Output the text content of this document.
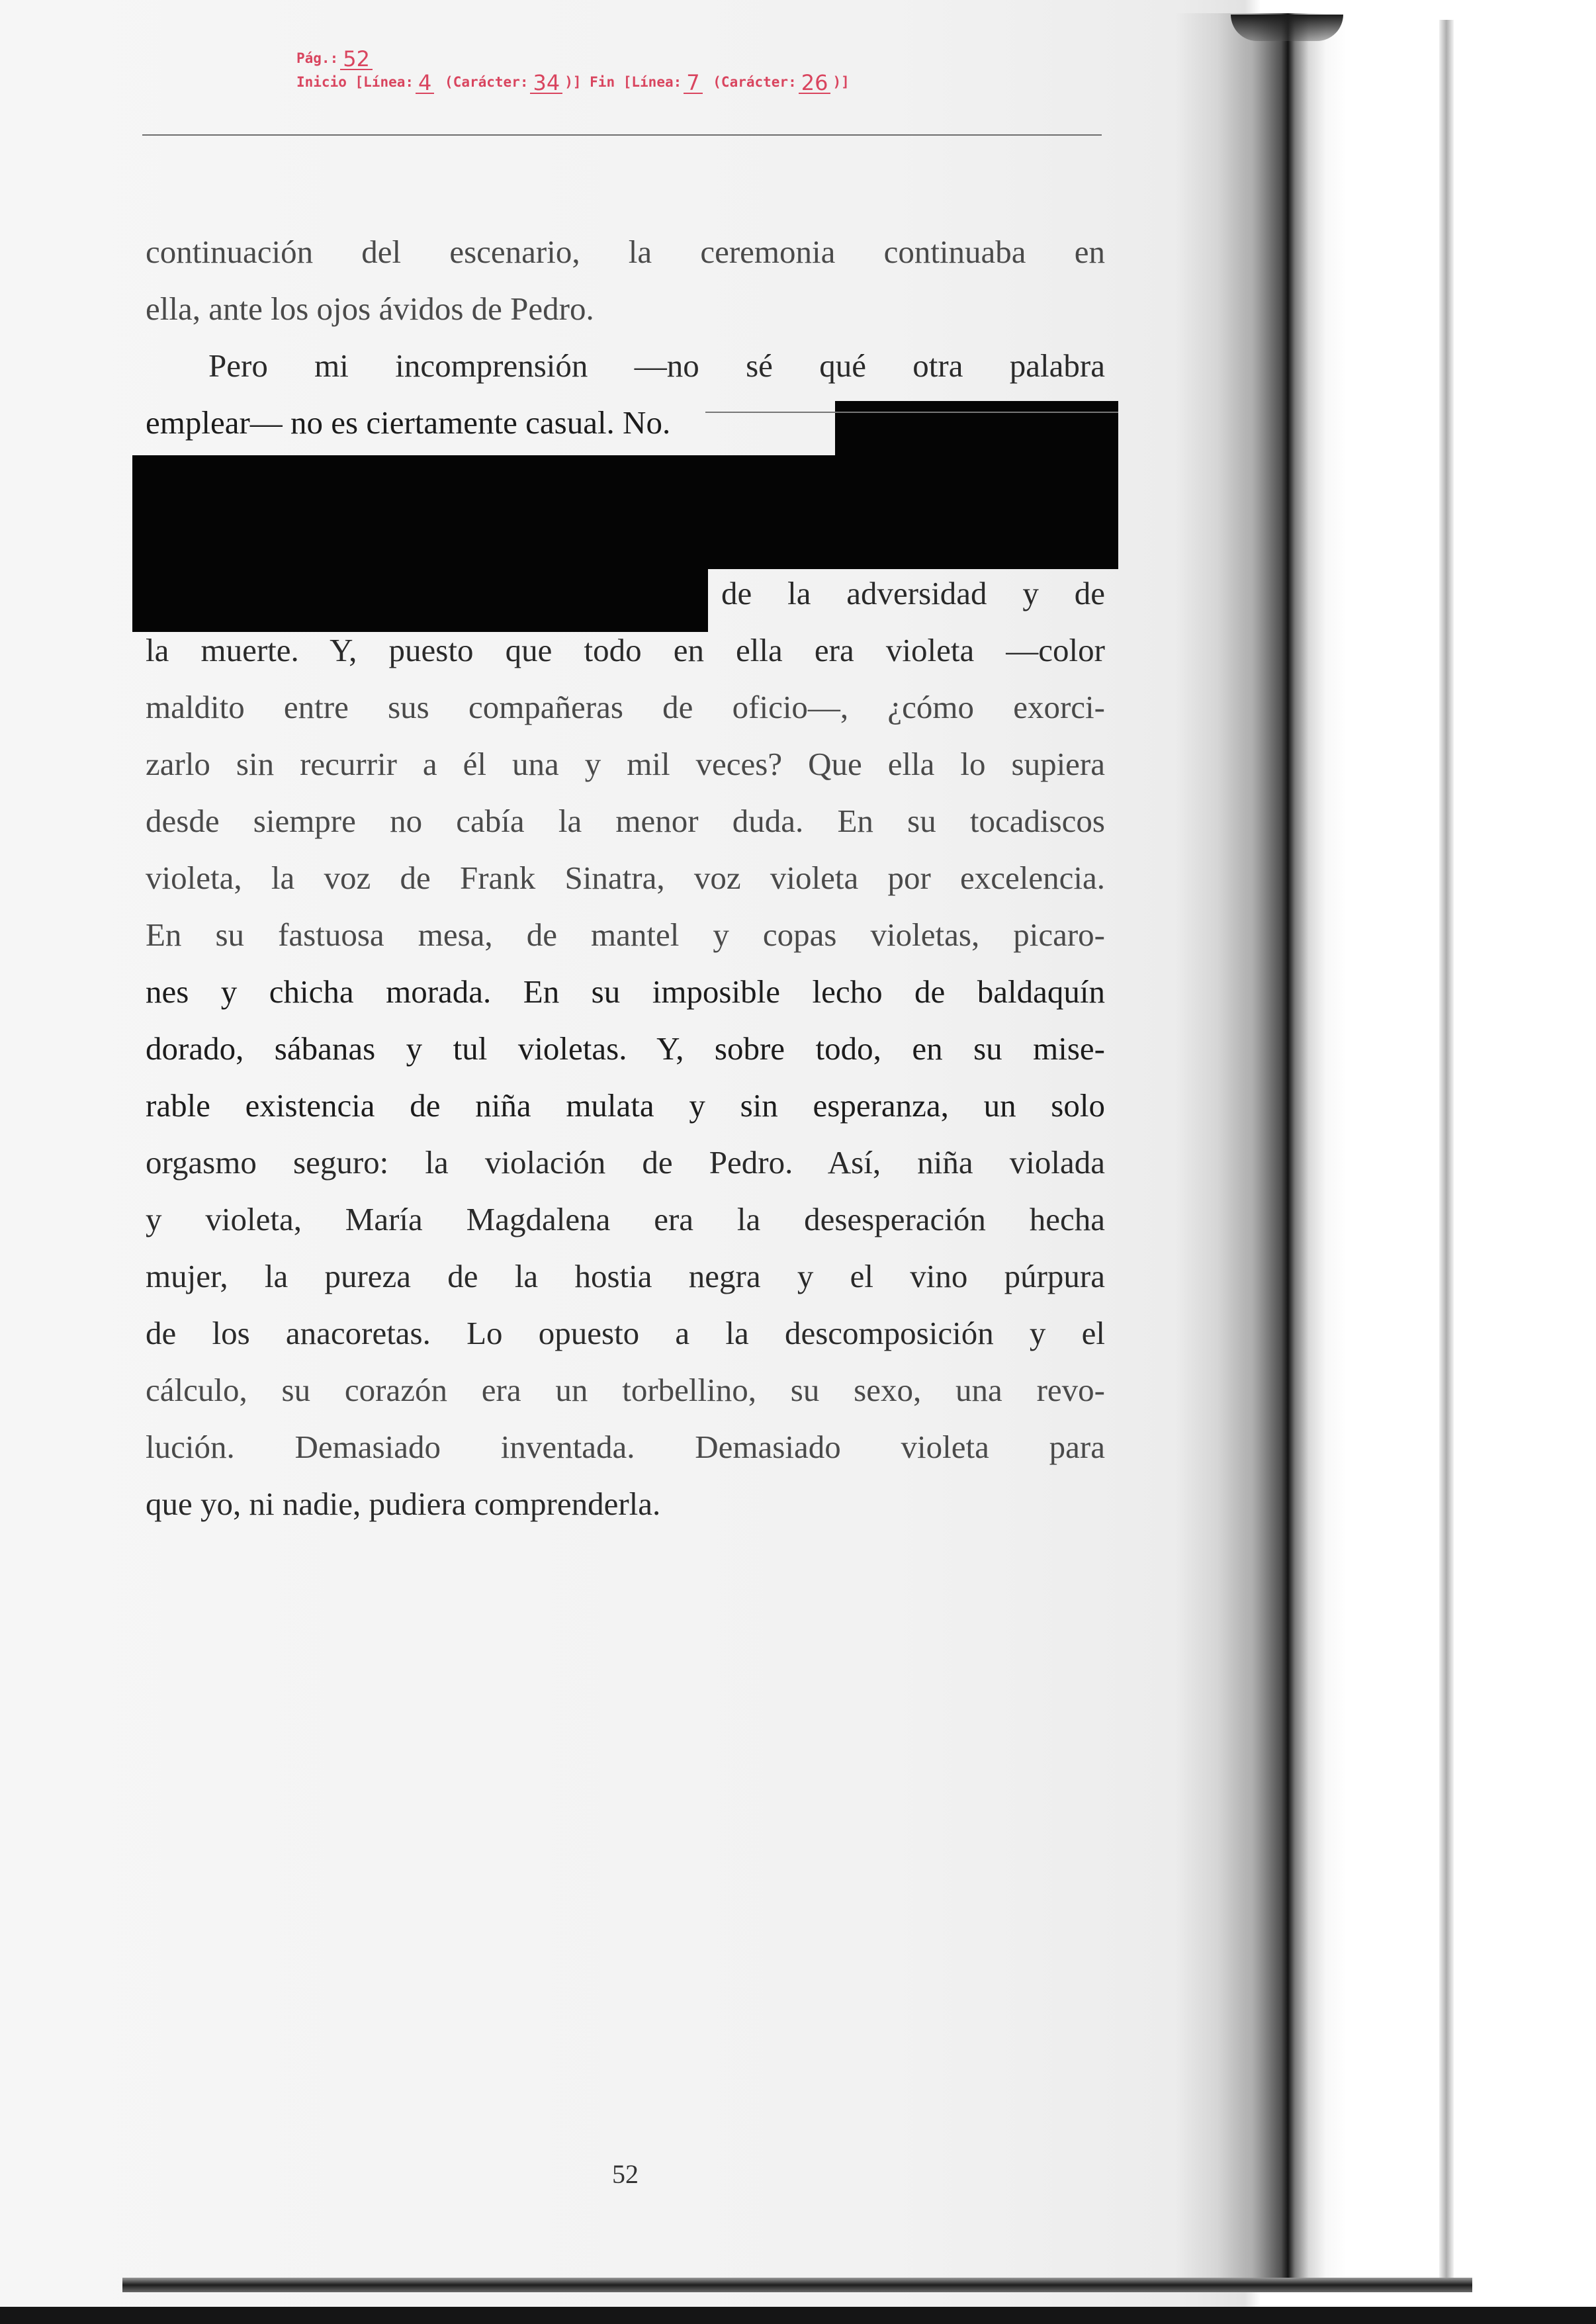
Pág.: 52
Inicio [Línea: 4 (Carácter: 34 )] Fin [Línea: 7 (Carácter: 26 )]
continuación del escenario, la ceremonia continuaba en
ella, ante los ojos ávidos de Pedro.
Pero mi incomprensión —no sé qué otra palabra
emplear— no es ciertamente casual. No.
de la adversidad y de
la muerte. Y, puesto que todo en ella era violeta —color
maldito entre sus compañeras de oficio—, ¿cómo exorci-
zarlo sin recurrir a él una y mil veces? Que ella lo supiera
desde siempre no cabía la menor duda. En su tocadiscos
violeta, la voz de Frank Sinatra, voz violeta por excelencia.
En su fastuosa mesa, de mantel y copas violetas, picaro-
nes y chicha morada. En su imposible lecho de baldaquín
dorado, sábanas y tul violetas. Y, sobre todo, en su mise-
rable existencia de niña mulata y sin esperanza, un solo
orgasmo seguro: la violación de Pedro. Así, niña violada
y violeta, María Magdalena era la desesperación hecha
mujer, la pureza de la hostia negra y el vino púrpura
de los anacoretas. Lo opuesto a la descomposición y el
cálculo, su corazón era un torbellino, su sexo, una revo-
lución. Demasiado inventada. Demasiado violeta para
que yo, ni nadie, pudiera comprenderla.
52
